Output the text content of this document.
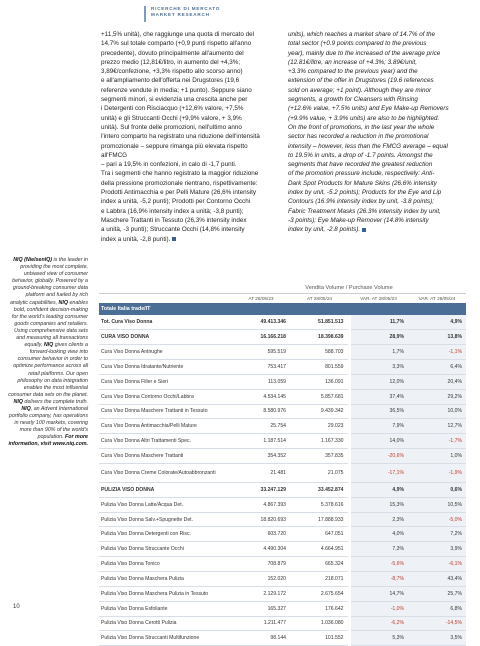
RICERCHE DI MERCATO
MARKET RESEARCH
+11,5% unità), che raggiunge una quota di mercato del
14,7% sul totale comparto (+0,9 punti rispetto all'anno
precedente), dovuto principalmente all'aumento del
prezzo medio (12,81€/litro, in aumento del +4,3%;
3,89€/confezione, +3,3% rispetto allo scorso anno)
e all'ampliamento dell'offerta nei Drugstores (19,6
referenze vendute in media; +1 punto). Seppure siano
segmenti minori, si evidenzia una crescita anche per
i Detergenti con Risciacquo (+12,6% valore, +7,5%
unità) e gli Struccanti Occhi (+9,9% valore, + 3,9%
unità). Sul fronte delle promozioni, nell'ultimo anno
l'intero comparto ha registrato una riduzione dell'intensità
promozionale – seppure rimanga più elevata rispetto all'FMCG
– pari a 19,5% in confezioni, in calo di -1,7 punti.
Tra i segmenti che hanno registrato la maggior riduzione
della pressione promozionale rientrano, rispettivamente:
Prodotti Antimacchia e per Pelli Mature (26,6% intensity
index a unità, -5,2 punti); Prodotti per Contorno Occhi
e Labbra (16,9% intensity index a unità; -3,8 punti);
Maschere Trattanti in Tessuto (26,3% intensity index
a unità, -3 punti); Struccante Occhi (14,8% intensity
index a unità, -2,8 punti).
units), which reaches a market share of 14.7% of the
total sector (+0.9 points compared to the previous
year), mainly due to the increased of the average price
(12.81€/litre, an increase of +4.3%; 3.89€/unit,
+3.3% compared to the previous year) and the
extension of the offer in Drugstores (19.6 references
sold on average; +1 point). Although they are minor
segments, a growth for Cleansers with Rinsing
(+12.6% value, +7.5% units) and Eye Make-up Removers
(+9.9% value, + 3.9% units) are also to be highlighted.
On the front of promotions, in the last year the whole
sector has recorded a reduction in the promotional
intensity – however, less than the FMCG average – equal
to 19.5% in units, a drop of -1.7 points. Amongst the
segments that have recorded the greatest reduction
of the promotion pressure include, respectively: Anti-
Dark Spot Products for Mature Skins (26.6% intensity
index by unit, -5.2 points); Products for the Eye and Lip
Contours (16.9% intensity index by unit, -3.8 points);
Fabric Treatment Masks (26.3% intensity index by unit,
-3 points); Eye Make-up Remover (14.8% intensity
index by unit, -2.8 points).
NIQ (NielsenIQ) is the leader in providing the most complete, unbiased view of consumer behavior, globally. Powered by a ground-breaking consumer data platform and fueled by rich analytic capabilities, NIQ enables bold, confident decision-making for the world's leading consumer goods companies and retailers. Using comprehensive data sets and measuring all transactions equally, NIQ gives clients a forward-looking view into consumer behavior in order to optimize performance across all retail platforms. Our open philosophy on data integration enables the most influential consumer data sets on the planet. NIQ delivers the complete truth. NIQ, an Advent International portfolio company, has operations in nearly 100 markets, covering more than 90% of the world's population. For more information, visit www.niq.com.
	Vendita Volume / Purchase Volume			
	AT 28/05/23	AT 28/05/24	VAR. AT 28/05/23	VAR. AT 28/05/24
Totale Italia trade/IT				
Tot. Cura Viso Donna	49.413.346	51.851.513	11,7%	4,9%
CURA VISO DONNA	16.166.218	18.398.639	28,9%	13,8%
Cura Viso Donna Antirughe	595.519	588.703	1,7%	-1,1%
Cura Viso Donna Idratante/Nutriente	753.417	801.559	3,3%	6,4%
Cura Viso Donna Filler e Sieri	113.059	136.091	12,0%	20,4%
Cura Viso Donna Contorno Occhi/Labbra	4.534.145	5.857.681	37,4%	29,2%
Cura Viso Donna Maschere Trattanti in Tessuto	8.580.976	9.439.342	36,5%	10,0%
Cura Viso Donna Antimacchia/Pelli Mature	25.754	29.023	7,9%	12,7%
Cura Viso Donna Altri Trattamenti Spec.	1.187.514	1.167.330	14,0%	-1,7%
Cura Viso Donna Maschere Trattanti	354.352	357.835	-20,6%	1,0%
Cura Viso Donna Creme Colorate/Autoabbronzanti	21.481	21.075	-17,1%	-1,9%
PULIZIA VISO DONNA	33.247.129	33.452.874	4,9%	0,6%
Pulizia Viso Donna Latte/Acqua Det.	4.867.393	5.378.616	15,3%	10,5%
Pulizia Viso Donna Salv.+Spugnette Det.	18.820.693	17.888.933	2,3%	-5,0%
Pulizia Viso Donna Detergenti con Risc.	603.720	647.051	4,0%	7,2%
Pulizia Viso Donna Struccante Occhi	4.490.304	4.664.951	7,3%	3,9%
Pulizia Viso Donna Tonico	708.879	665.324	-5,6%	-6,1%
Pulizia Viso Donna Maschera Pulizia	152.020	218.071	-8,7%	43,4%
Pulizia Viso Donna Maschera Pulizia in Tessuto	2.129.172	2.675.654	14,7%	25,7%
Pulizia Viso Donna Esfoliante	165.327	176.642	-1,0%	6,8%
Pulizia Viso Donna Cerotti Pulizia	1.211.477	1.036.080	-6,2%	-14,5%
Pulizia Viso Donna Struccanti Multifunzione	98.144	101.552	5,3%	3,5%
10
